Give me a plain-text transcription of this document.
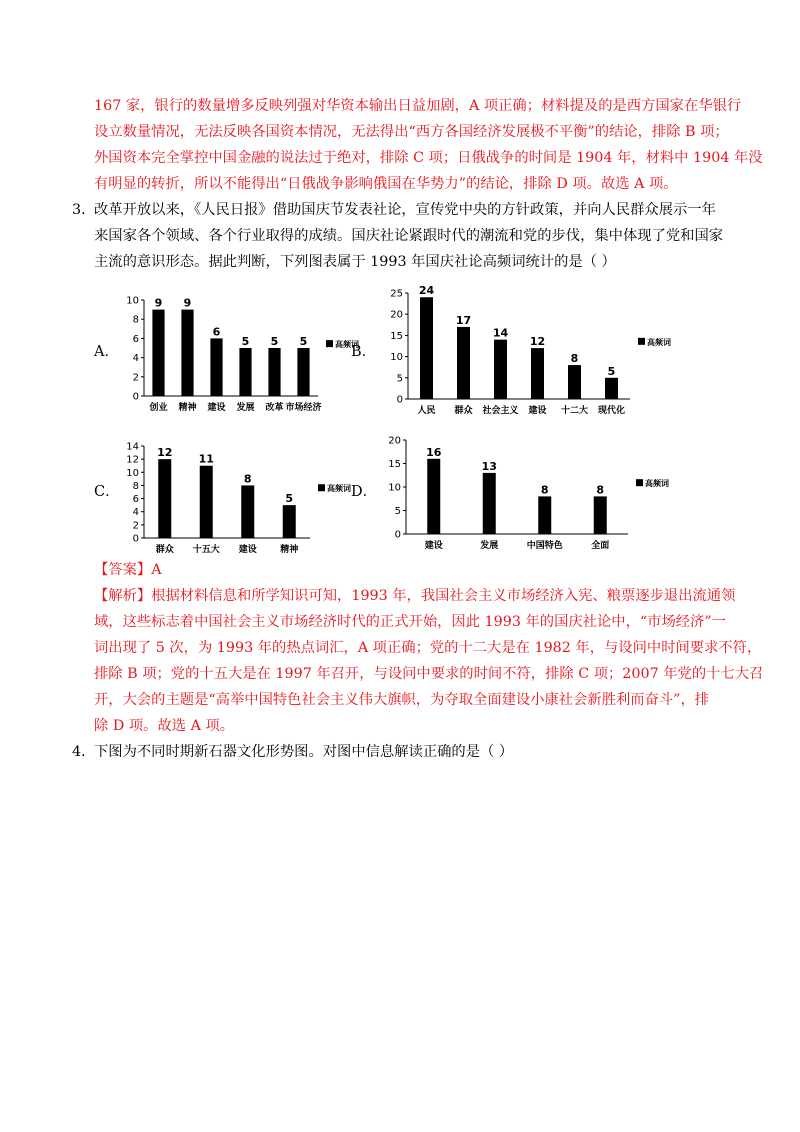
167 家，银行的数量增多反映列强对华资本输出日益加剧，A 项正确；材料提及的是西方国家在华银行
设立数量情况，无法反映各国资本情况，无法得出“西方各国经济发展极不平衡”的结论，排除 B 项；
外国资本完全掌控中国金融的说法过于绝对，排除 C 项；日俄战争的时间是 1904 年，材料中 1904 年没
有明显的转折，所以不能得出“日俄战争影响俄国在华势力”的结论，排除 D 项。故选 A 项。
3．
改革开放以来，《人民日报》借助国庆节发表社论，宣传党中央的方针政策，并向人民群众展示一年
来国家各个领域、各个行业取得的成绩。国庆社论紧跟时代的潮流和党的步伐，集中体现了党和国家
主流的意识形态。据此判断，下列图表属于 1993 年国庆社论高频词统计的是（ ）
A．	B．
C．	D．
0
2
4
6
8
10 9
创业
9
精神
6
建设
5
发展
5
改革
5
市场经济
高频词
0
5
10
15
20
25 24
人民
17
群众
14
社会主义
12
建设
8
十二大
5
现代化
高频词
0
2
4
6
8
10
12
14 12
群众
11
十五大
8
建设
5
精神
高频词
0
5
10
15
20
16
建设
13
发展
8
中国特色
8
全面
高频词
【答案】A
【解析】根据材料信息和所学知识可知，1993 年，我国社会主义市场经济入宪、粮票逐步退出流通领
域，这些标志着中国社会主义市场经济时代的正式开始，因此 1993 年的国庆社论中，“市场经济”一
词出现了 5 次，为 1993 年的热点词汇，A 项正确；党的十二大是在 1982 年，与设问中时间要求不符，
排除 B 项；党的十五大是在 1997 年召开，与设问中要求的时间不符，排除 C 项；2007 年党的十七大召
开，大会的主题是“高举中国特色社会主义伟大旗帜，为夺取全面建设小康社会新胜利而奋斗”，排
除 D 项。故选 A 项。
4．
下图为不同时期新石器文化形势图。对图中信息解读正确的是（ ）
